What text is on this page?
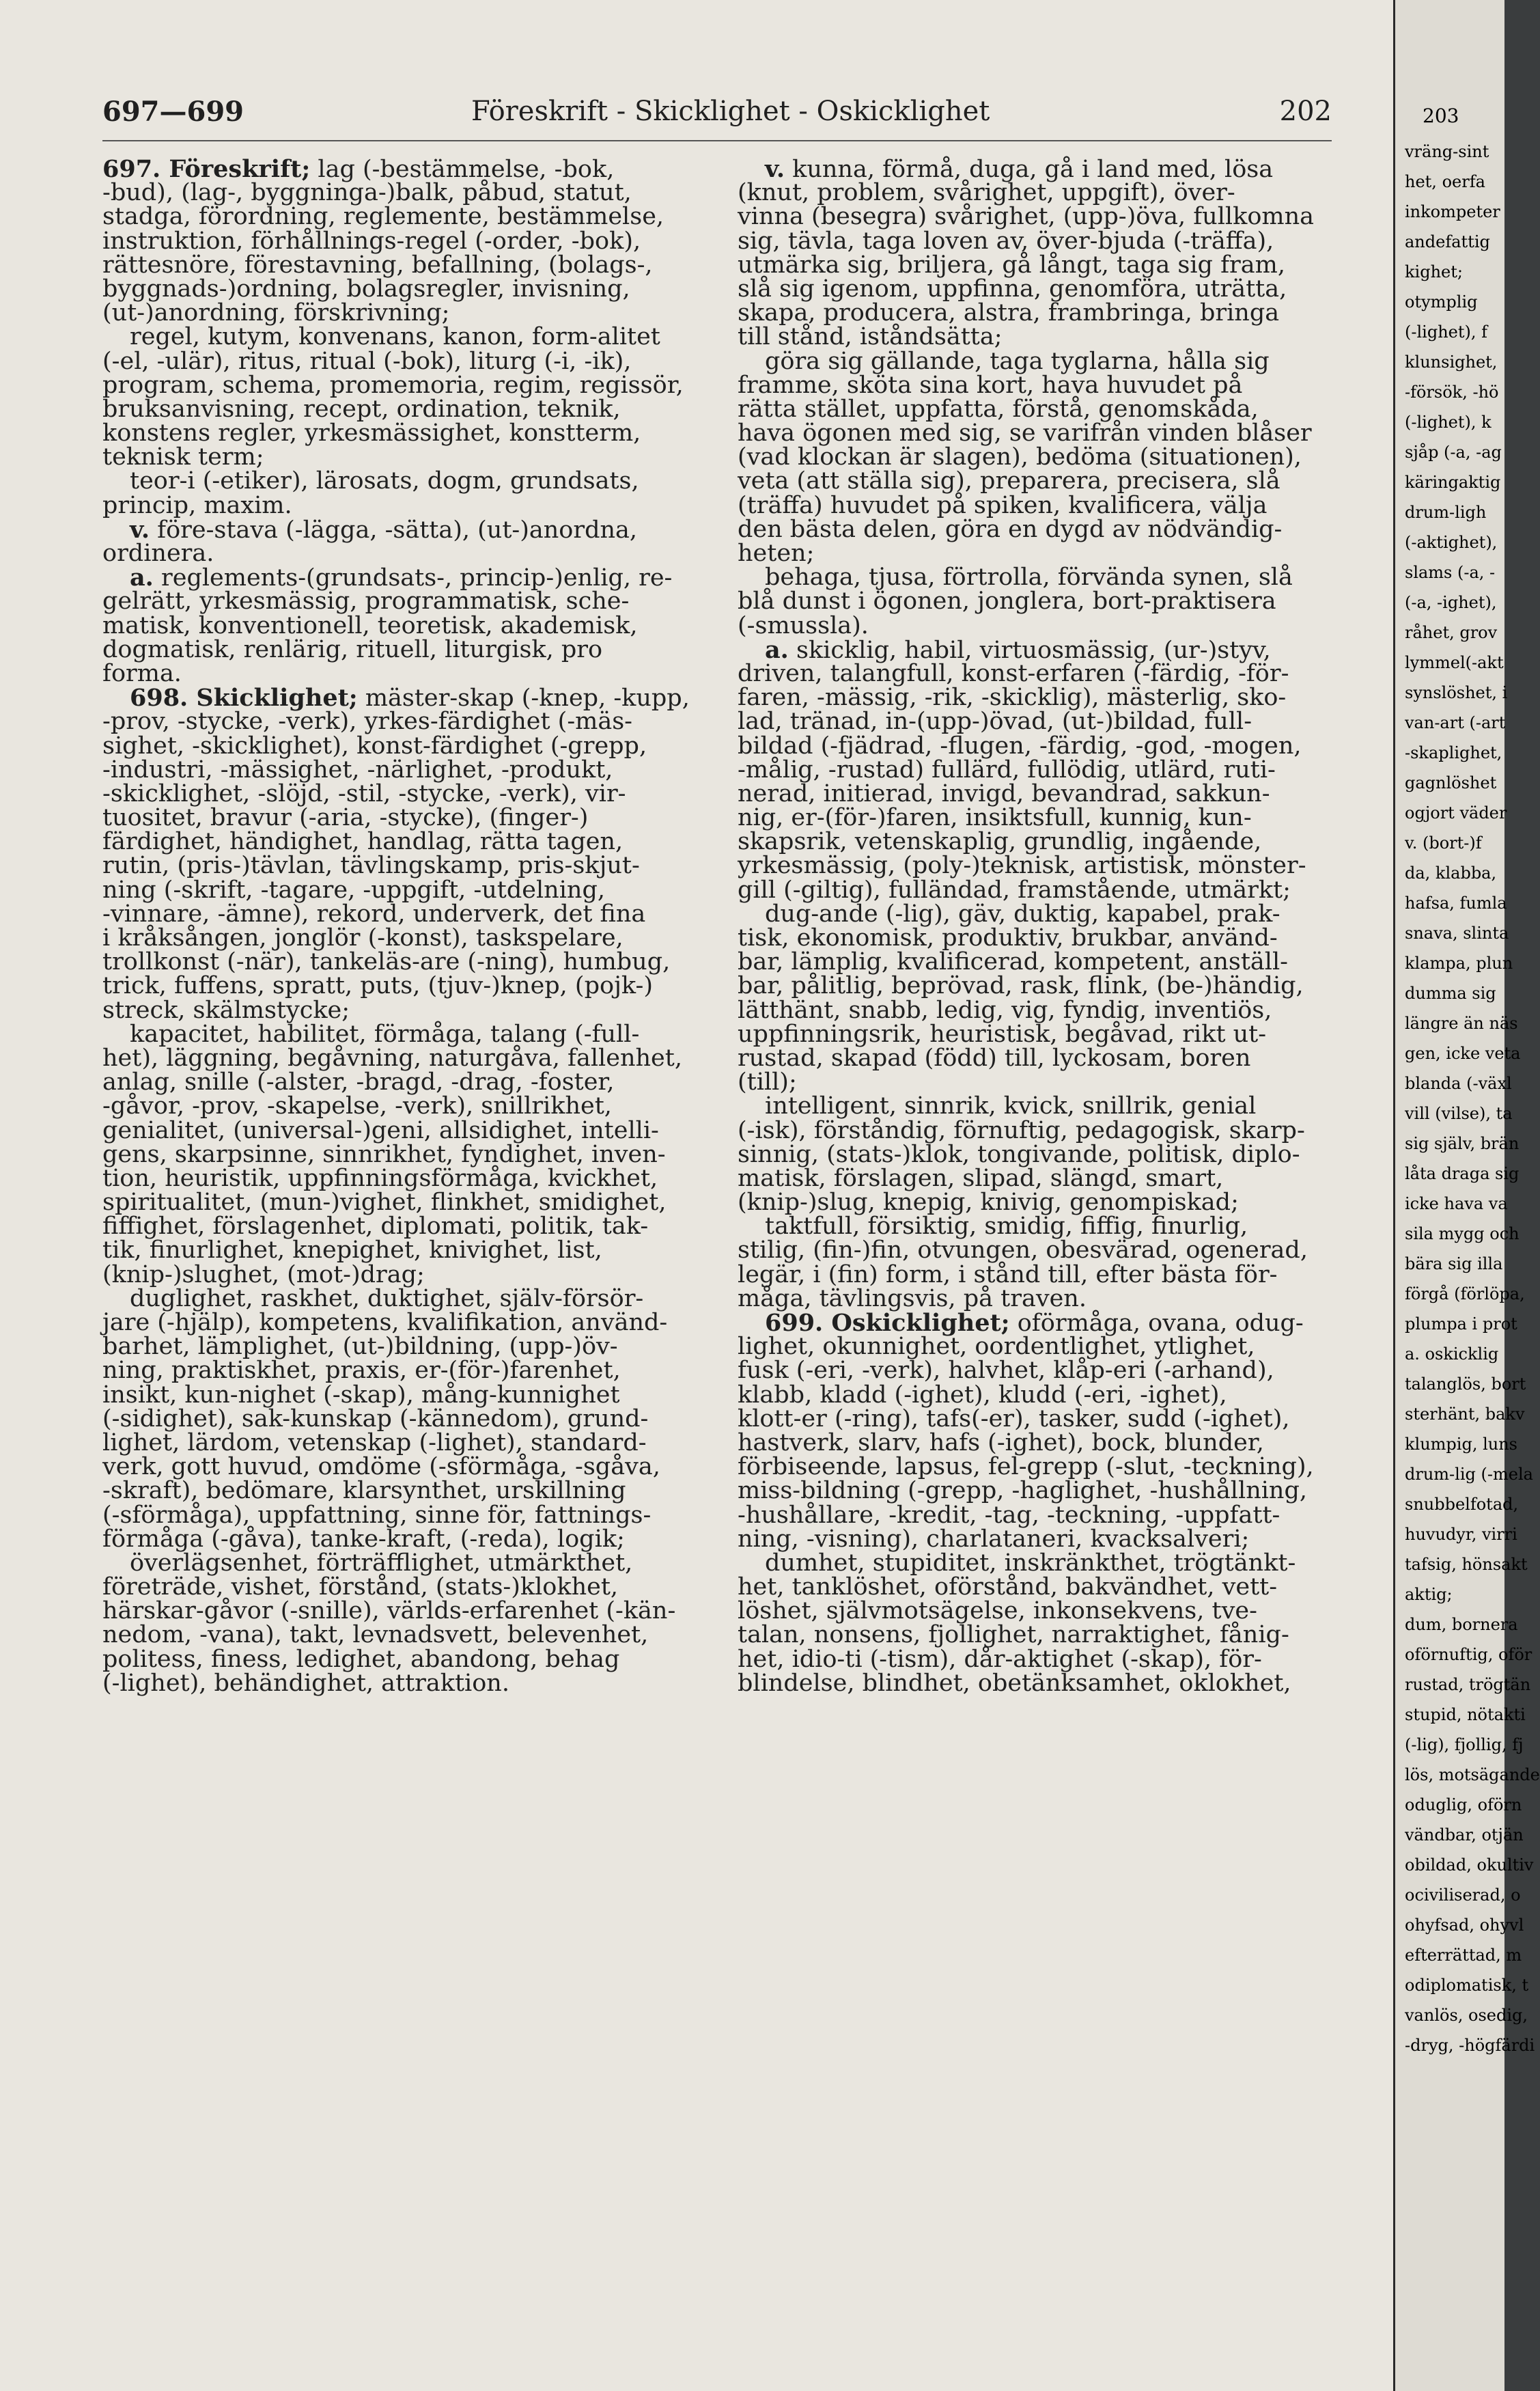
697—699	Föreskrift - Skicklighet - Oskicklighet	202
697. Föreskrift; lag (-bestämmelse, -bok,
-bud), (lag-, byggninga-)balk, påbud, statut,
stadga, förordning, reglemente, bestämmelse,
instruktion, förhållnings-regel (-order, -bok),
rättesnöre, förestavning, befallning, (bolags-,
byggnads-)ordning, bolagsregler, invisning,
(ut-)anordning, förskrivning;
regel, kutym, konvenans, kanon, form-alitet
(-el, -ulär), ritus, ritual (-bok), liturg (-i, -ik),
program, schema, promemoria, regim, regissör,
bruksanvisning, recept, ordination, teknik,
konstens regler, yrkesmässighet, konstterm,
teknisk term;
teor-i (-etiker), lärosats, dogm, grundsats,
princip, maxim.
v. före-stava (-lägga, -sätta), (ut-)anordna,
ordinera.
a. reglements-(grundsats-, princip-)enlig, re-
gelrätt, yrkesmässig, programmatisk, sche-
matisk, konventionell, teoretisk, akademisk,
dogmatisk, renlärig, rituell, liturgisk, pro
forma.
698. Skicklighet; mäster-skap (-knep, -kupp,
-prov, -stycke, -verk), yrkes-färdighet (-mäs-
sighet, -skicklighet), konst-färdighet (-grepp,
-industri, -mässighet, -närlighet, -produkt,
-skicklighet, -slöjd, -stil, -stycke, -verk), vir-
tuositet, bravur (-aria, -stycke), (finger-)
färdighet, händighet, handlag, rätta tagen,
rutin, (pris-)tävlan, tävlingskamp, pris-skjut-
ning (-skrift, -tagare, -uppgift, -utdelning,
-vinnare, -ämne), rekord, underverk, det fina
i kråksången, jonglör (-konst), taskspelare,
trollkonst (-när), tankeläs-are (-ning), humbug,
trick, fuffens, spratt, puts, (tjuv-)knep, (pojk-)
streck, skälmstycke;
kapacitet, habilitet, förmåga, talang (-full-
het), läggning, begåvning, naturgåva, fallenhet,
anlag, snille (-alster, -bragd, -drag, -foster,
-gåvor, -prov, -skapelse, -verk), snillrikhet,
genialitet, (universal-)geni, allsidighet, intelli-
gens, skarpsinne, sinnrikhet, fyndighet, inven-
tion, heuristik, uppfinningsförmåga, kvickhet,
spiritualitet, (mun-)vighet, flinkhet, smidighet,
fiffighet, förslagenhet, diplomati, politik, tak-
tik, finurlighet, knepighet, knivighet, list,
(knip-)slughet, (mot-)drag;
duglighet, raskhet, duktighet, själv-försör-
jare (-hjälp), kompetens, kvalifikation, använd-
barhet, lämplighet, (ut-)bildning, (upp-)öv-
ning, praktiskhet, praxis, er-(för-)farenhet,
insikt, kun-nighet (-skap), mång-kunnighet
(-sidighet), sak-kunskap (-kännedom), grund-
lighet, lärdom, vetenskap (-lighet), standard-
verk, gott huvud, omdöme (-sförmåga, -sgåva,
-skraft), bedömare, klarsynthet, urskillning
(-sförmåga), uppfattning, sinne för, fattnings-
förmåga (-gåva), tanke-kraft, (-reda), logik;
överlägsenhet, förträfflighet, utmärkthet,
företräde, vishet, förstånd, (stats-)klokhet,
härskar-gåvor (-snille), världs-erfarenhet (-kän-
nedom, -vana), takt, levnadsvett, belevenhet,
politess, finess, ledighet, abandong, behag
(-lighet), behändighet, attraktion.
v. kunna, förmå, duga, gå i land med, lösa
(knut, problem, svårighet, uppgift), över-
vinna (besegra) svårighet, (upp-)öva, fullkomna
sig, tävla, taga loven av, över-bjuda (-träffa),
utmärka sig, briljera, gå långt, taga sig fram,
slå sig igenom, uppfinna, genomföra, uträtta,
skapa, producera, alstra, frambringa, bringa
till stånd, iståndsätta;
göra sig gällande, taga tyglarna, hålla sig
framme, sköta sina kort, hava huvudet på
rätta stället, uppfatta, förstå, genomskåda,
hava ögonen med sig, se varifrån vinden blåser
(vad klockan är slagen), bedöma (situationen),
veta (att ställa sig), preparera, precisera, slå
(träffa) huvudet på spiken, kvalificera, välja
den bästa delen, göra en dygd av nödvändig-
heten;
behaga, tjusa, förtrolla, förvända synen, slå
blå dunst i ögonen, jonglera, bort-praktisera
(-smussla).
a. skicklig, habil, virtuosmässig, (ur-)styv,
driven, talangfull, konst-erfaren (-färdig, -för-
faren, -mässig, -rik, -skicklig), mästerlig, sko-
lad, tränad, in-(upp-)övad, (ut-)bildad, full-
bildad (-fjädrad, -flugen, -färdig, -god, -mogen,
-målig, -rustad) fullärd, fullödig, utlärd, ruti-
nerad, initierad, invigd, bevandrad, sakkun-
nig, er-(för-)faren, insiktsfull, kunnig, kun-
skapsrik, vetenskaplig, grundlig, ingående,
yrkesmässig, (poly-)teknisk, artistisk, mönster-
gill (-giltig), fulländad, framstående, utmärkt;
dug-ande (-lig), gäv, duktig, kapabel, prak-
tisk, ekonomisk, produktiv, brukbar, använd-
bar, lämplig, kvalificerad, kompetent, anställ-
bar, pålitlig, beprövad, rask, flink, (be-)händig,
lätthänt, snabb, ledig, vig, fyndig, inventiös,
uppfinningsrik, heuristisk, begåvad, rikt ut-
rustad, skapad (född) till, lyckosam, boren
(till);
intelligent, sinnrik, kvick, snillrik, genial
(-isk), förståndig, förnuftig, pedagogisk, skarp-
sinnig, (stats-)klok, tongivande, politisk, diplo-
matisk, förslagen, slipad, slängd, smart,
(knip-)slug, knepig, knivig, genompiskad;
taktfull, försiktig, smidig, fiffig, finurlig,
stilig, (fin-)fin, otvungen, obesvärad, ogenerad,
legär, i (fin) form, i stånd till, efter bästa för-
måga, tävlingsvis, på traven.
699. Oskicklighet; oförmåga, ovana, odug-
lighet, okunnighet, oordentlighet, ytlighet,
fusk (-eri, -verk), halvhet, klåp-eri (-arhand),
klabb, kladd (-ighet), kludd (-eri, -ighet),
klott-er (-ring), tafs(-er), tasker, sudd (-ighet),
hastverk, slarv, hafs (-ighet), bock, blunder,
förbiseende, lapsus, fel-grepp (-slut, -teckning),
miss-bildning (-grepp, -haglighet, -hushållning,
-hushållare, -kredit, -tag, -teckning, -uppfatt-
ning, -visning), charlataneri, kvacksalveri;
dumhet, stupiditet, inskränkthet, trögtänkt-
het, tanklöshet, oförstånd, bakvändhet, vett-
löshet, självmotsägelse, inkonsekvens, tve-
talan, nonsens, fjollighet, narraktighet, fånig-
het, idio-ti (-tism), dår-aktighet (-skap), för-
blindelse, blindhet, obetänksamhet, oklokhet,
203
vräng-sint
het, oerfa
inkompeter
andefattig
kighet;
otymplig
(-lighet), f
klunsighet,
-försök, -hö
(-lighet), k
sjåp (-a, -ag
käringaktig
drum-ligh
(-aktighet),
slams (-a, -
(-a, -ighet),
råhet, grov
lymmel(-akt
synslöshet, i
van-art (-art
-skaplighet,
gagnlöshet
ogjort väder
v. (bort-)f
da, klabba,
hafsa, fumla
snava, slinta
klampa, plun
dumma sig
längre än näs
gen, icke veta
blanda (-växl
vill (vilse), ta
sig själv, brän
låta draga sig
icke hava va
sila mygg och
bära sig illa
förgå (förlöpa,
plumpa i prot
a. oskicklig
talanglös, bort
sterhänt, bakv
klumpig, luns
drum-lig (-mela
snubbelfotad,
huvudyr, virri
tafsig, hönsakt
aktig;
dum, bornera
oförnuftig, oför
rustad, trögtän
stupid, nötakti
(-lig), fjollig, fj
lös, motsägande
oduglig, oförn
vändbar, otjän
obildad, okultiv
ociviliserad, o
ohyfsad, ohyvl
efterrättad, m
odiplomatisk, t
vanlös, osedig,
-dryg, -högfärdi
